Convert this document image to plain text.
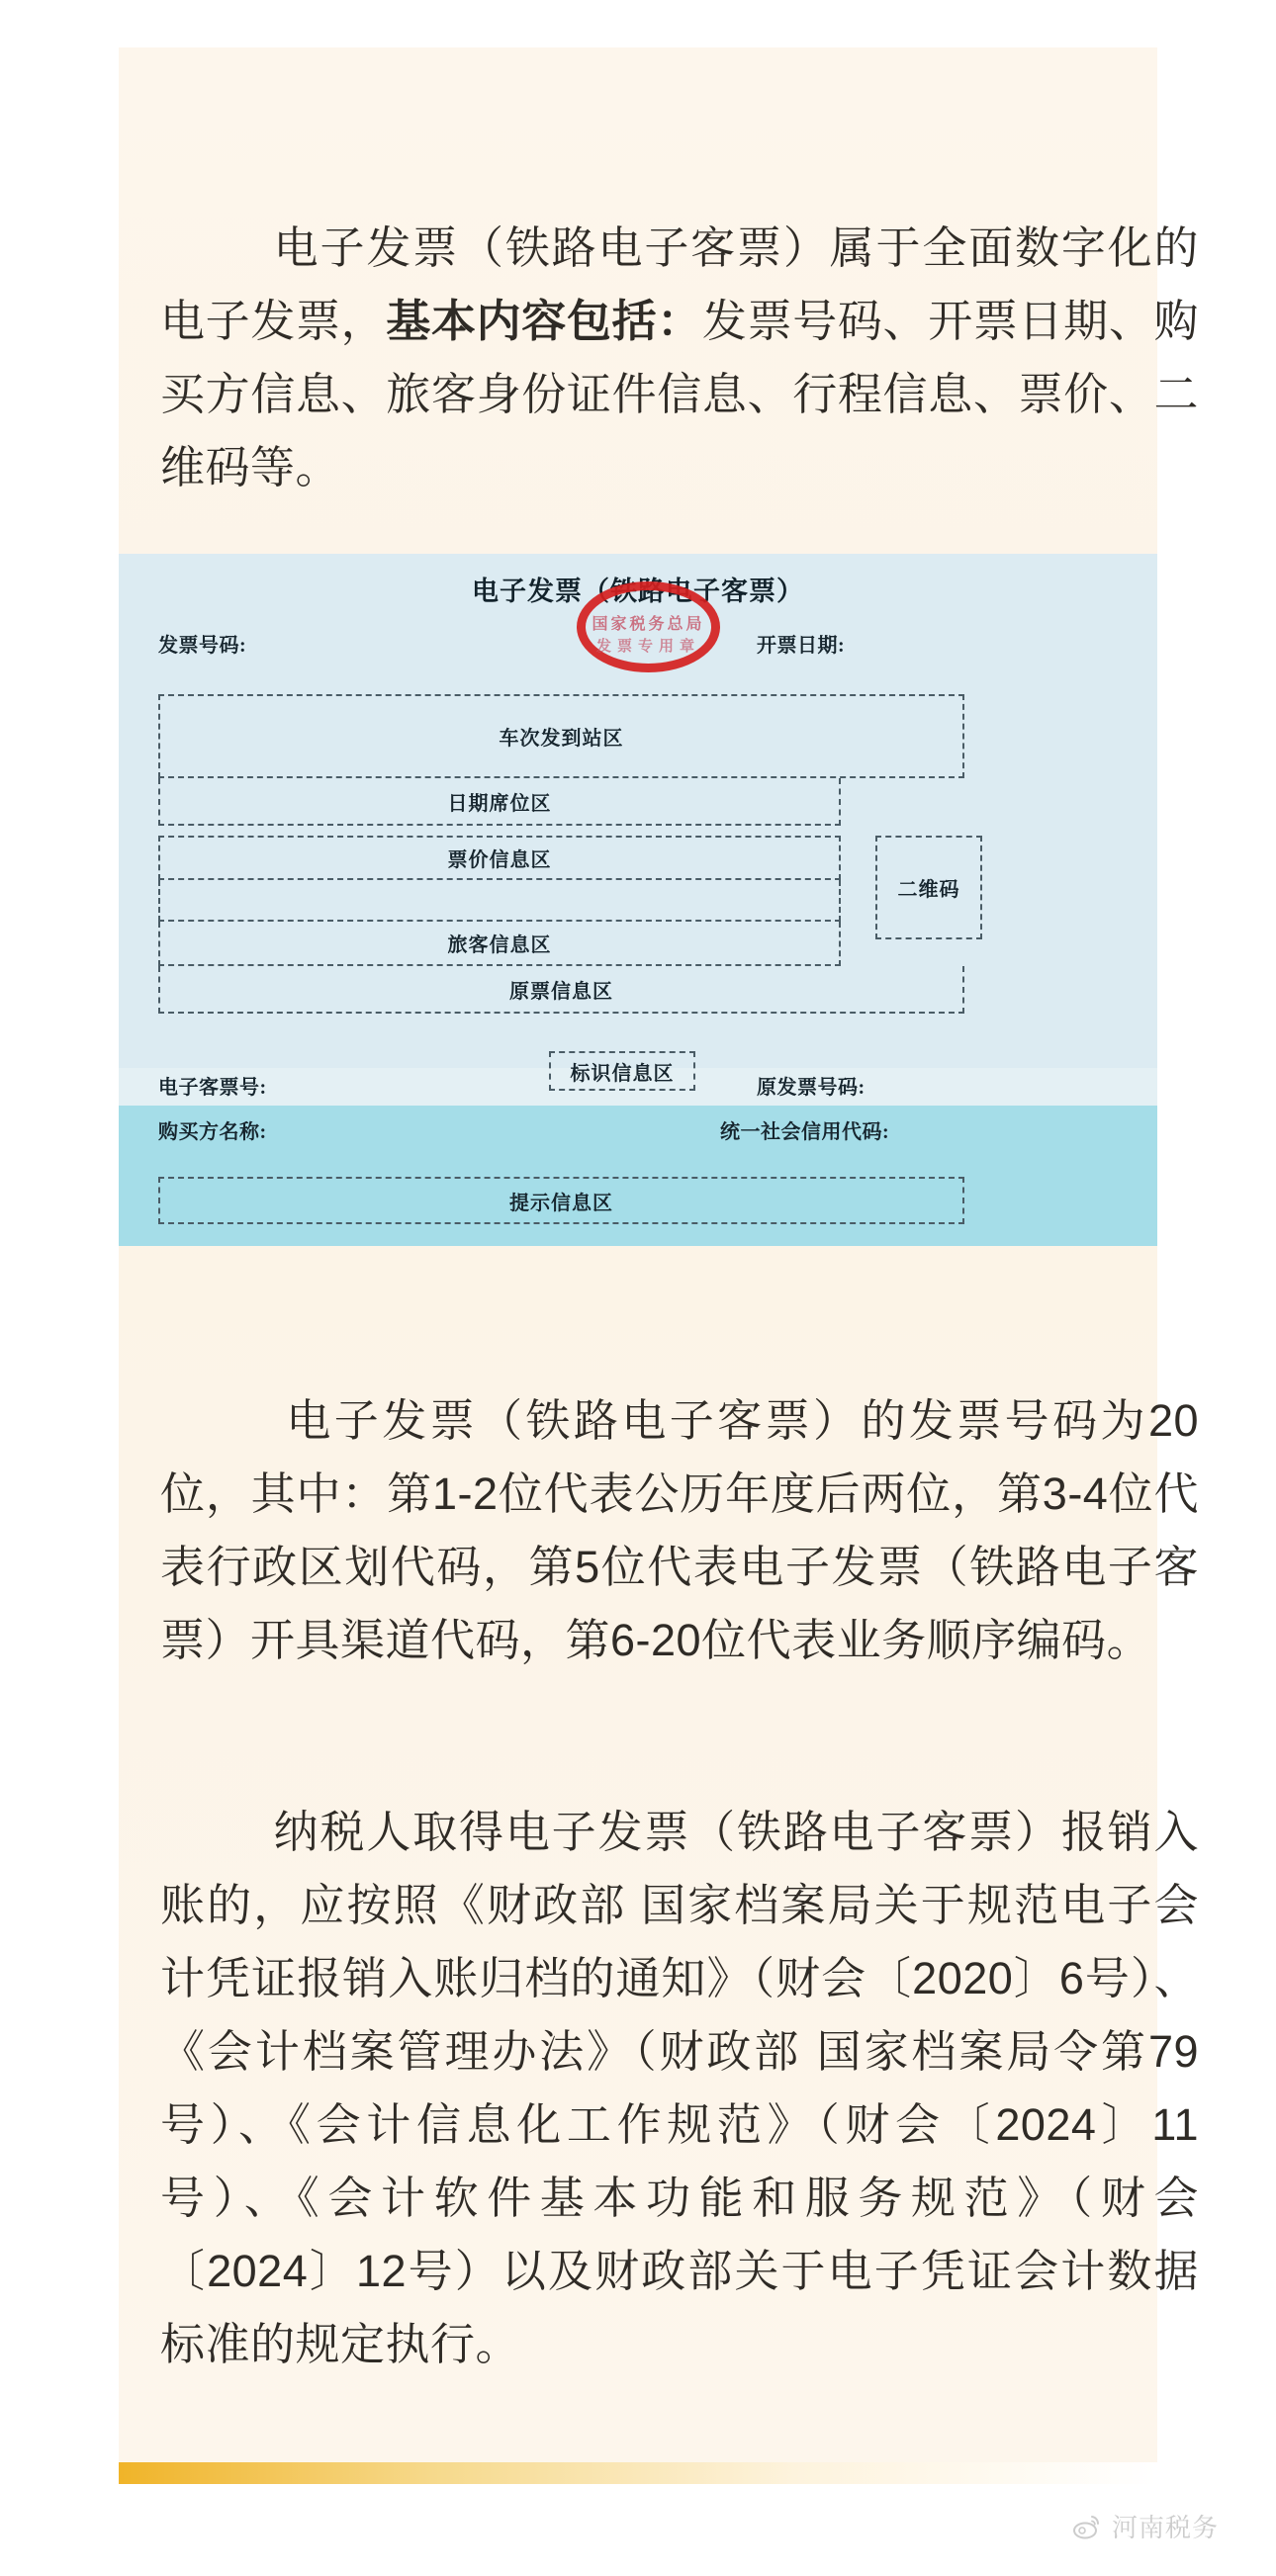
电子发票（铁路电子客票）属于全面数字化的电子发票，基本内容包括：发票号码、开票日期、购买方信息、旅客身份证件信息、行程信息、票价、二维码等。

电子发票（铁路电子客票）
国家税务总局
发票专用章
发票号码:	开票日期:
车次发到站区
日期席位区
票价信息区
旅客信息区
原票信息区
二维码
电子客票号:
标识信息区
原发票号码:
购买方名称:	统一社会信用代码:
提示信息区

电子发票（铁路电子客票）的发票号码为20位，其中：第1-2位代表公历年度后两位，第3-4位代表行政区划代码，第5位代表电子发票（铁路电子客票）开具渠道代码，第6-20位代表业务顺序编码。

纳税人取得电子发票（铁路电子客票）报销入账的，应按照《财政部 国家档案局关于规范电子会计凭证报销入账归档的通知》（财会〔2020〕6号）、《会计档案管理办法》（财政部 国家档案局令第79号）、《会计信息化工作规范》（财会〔2024〕11号）、《会计软件基本功能和服务规范》（财会〔2024〕12号）以及财政部关于电子凭证会计数据标准的规定执行。

河南税务
